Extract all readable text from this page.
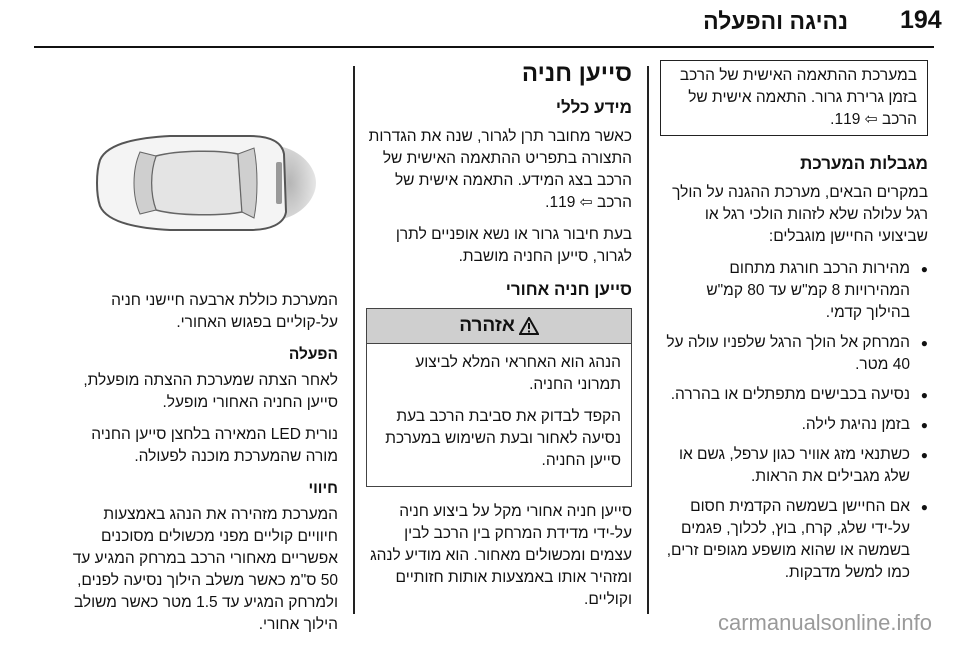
194
נהיגה והפעלה
במערכת ההתאמה האישית של הרכב בזמן גרירת גרור. התאמה אישית של הרכב ⇦ 119.
מגבלות המערכת

במקרים הבאים, מערכת ההגנה על הולך רגל עלולה שלא לזהות הולכי רגל או שביצועי החיישן מוגבלים:

● מהירות הרכב חורגת מתחום המהירויות 8 קמ"ש עד 80 קמ"ש בהילוך קדמי.
● המרחק אל הולך הרגל שלפניו עולה על 40 מטר.
● נסיעה בכבישים מתפתלים או בהררה.
● בזמן נהיגת לילה.
● כשתנאי מזג אוויר כגון ערפל, גשם או שלג מגבילים את הראות.
● אם החיישן בשמשה הקדמית חסום על-ידי שלג, קרח, בוץ, לכלוך, פגמים בשמשה או שהוא מושפע מגופים זרים, כמו למשל מדבקות.
סייען חניה
מידע כללי

כאשר מחובר תרן לגרור, שנה את הגדרות התצורה בתפריט ההתאמה האישית של הרכב בצג המידע. התאמה אישית של הרכב ⇦ 119.

בעת חיבור גרור או נשא אופניים לתרן לגרור, סייען החניה מושבת.

סייען חניה אחורי
אזהרה

הנהג הוא האחראי המלא לביצוע תמרוני החניה.

הקפד לבדוק את סביבת הרכב בעת נסיעה לאחור ובעת השימוש במערכת סייען החניה.

סייען חניה אחורי מקל על ביצוע חניה על-ידי מדידת המרחק בין הרכב לבין עצמים ומכשולים מאחור. הוא מודיע לנהג ומזהיר אותו באמצעות אותות חזותיים וקוליים.

המערכת כוללת ארבעה חיישני חניה על-קוליים בפגוש האחורי.

הפעלה

לאחר הצתה שמערכת ההצתה מופעלת, סייען החניה האחורי מופעל.

נורית LED המאירה בלחצן סייען החניה מורה שהמערכת מוכנה לפעולה.

חיווי

המערכת מזהירה את הנהג באמצעות חיוויים קוליים מפני מכשולים מסוכנים אפשריים מאחורי הרכב במרחק המגיע עד 50 ס"מ כאשר משלב הילוך נסיעה לפנים, ולמרחק המגיע עד 1.5 מטר כאשר משולב הילוך אחורי.	carmanualsonline.info
